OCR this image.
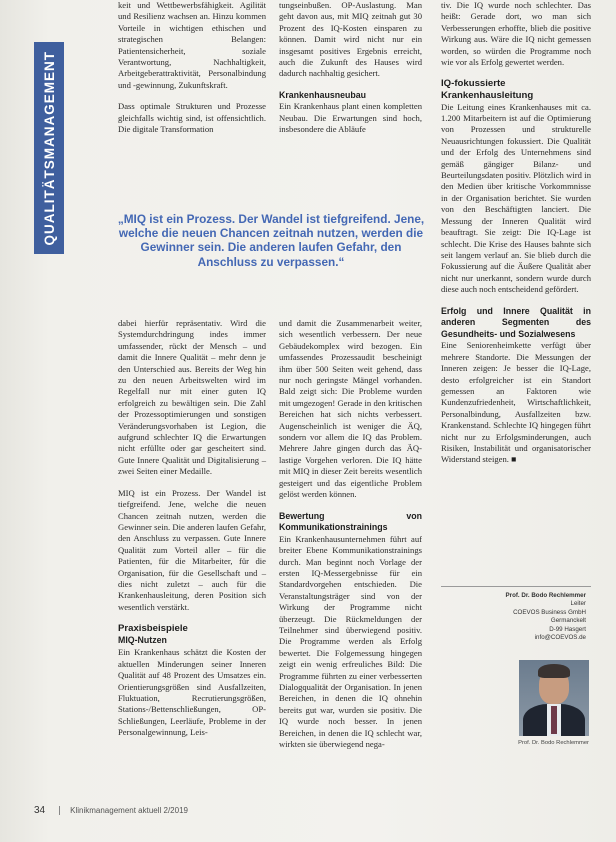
QUALITÄTSMANAGEMENT

keit und Wettbewerbsfähigkeit. Agilität und Resilienz wachsen an. Hinzu kommen Vorteile in wichtigen ethischen und strategischen Belangen: Patientensicherheit, soziale Verantwortung, Nachhaltigkeit, Arbeitgeberattraktivität, Personalbindung und -gewinnung, Zukunftskraft.

Dass optimale Strukturen und Prozesse gleichfalls wichtig sind, ist offensichtlich. Die digitale Transformation

tungseinbußen. OP-Auslastung. Man geht davon aus, mit MIQ zeitnah gut 30 Prozent des IQ-Kosten einsparen zu können. Damit wird nicht nur ein insgesamt positives Ergebnis erreicht, auch die Zukunft des Hauses wird dadurch nachhaltig gesichert.

Krankenhausneubau

Ein Krankenhaus plant einen kompletten Neubau. Die Erwartungen sind hoch, insbesondere die Abläufe

„MIQ ist ein Prozess. Der Wandel ist tiefgreifend. Jene, welche die neuen Chancen zeitnah nutzen, werden die Gewinner sein. Die anderen laufen Gefahr, den Anschluss zu verpassen.“

dabei hierfür repräsentativ. Wird die Systemdurchdringung indes immer umfassender, rückt der Mensch – und damit die Innere Qualität – mehr denn je den Unterschied aus. Bereits der Weg hin zu den neuen Arbeitswelten wird im Regelfall nur mit einer guten IQ erfolgreich zu bewältigen sein. Die Zahl der Prozessoptimierungen und sonstigen Veränderungsvorhaben ist Legion, die aufgrund schlechter IQ die Erwartungen nicht erfüllte oder gar gescheitert sind. Gute Innere Qualität und Digitalisierung – zwei Seiten einer Medaille.

MIQ ist ein Prozess. Der Wandel ist tiefgreifend. Jene, welche die neuen Chancen zeitnah nutzen, werden die Gewinner sein. Die anderen laufen Gefahr, den Anschluss zu verpassen. Gute Innere Qualität zum Vorteil aller – für die Patienten, für die Mitarbeiter, für die Organisation, für die Gesellschaft und – dies nicht zuletzt – auch für die Krankenhausleitung, deren Position sich wesentlich verstärkt.

Praxisbeispiele
MIQ-Nutzen

Ein Krankenhaus schätzt die Kosten der aktuellen Minderungen seiner Inneren Qualität auf 48 Prozent des Umsatzes ein. Orientierungsgrößen sind Ausfallzeiten, Fluktuation, Recrutierungsgrößen, Stations-/Bettenschließungen, OP-Schließungen, Leerläufe, Probleme in der Personalgewinnung, Leis-

und damit die Zusammenarbeit weiter, sich wesentlich verbessern. Der neue Gebäudekomplex wird bezogen. Ein umfassendes Prozessaudit bescheinigt ihm über 500 Seiten weit gehend, dass nur noch geringste Mängel vorhanden. Bald zeigt sich: Die Probleme wurden mit umgezogen! Gerade in den kritischen Bereichen hat sich nichts verbessert. Augenscheinlich ist weniger die ÄQ, sondern vor allem die IQ das Problem. Mehrere Jahre gingen durch das ÄQ-lastige Vorgehen verloren. Die IQ hätte mit MIQ in dieser Zeit bereits wesentlich gesteigert und das eigentliche Problem gelöst werden können.

Bewertung von Kommunikationstrainings

Ein Krankenhausunternehmen führt auf breiter Ebene Kommunikationstrainings durch. Man beginnt noch Vorlage der ersten IQ-Messergebnisse für ein Standardvorgehen entschieden. Die Veranstaltungsträger sind von der Wirkung der Programme nicht überzeugt. Die Rückmeldungen der Teilnehmer sind überwiegend positiv. Die Programme werden als Erfolg bewertet. Die Folgemessung hingegen zeigt ein wenig erfreuliches Bild: Die Programme führten zu einer verbesserten Dialogqualität der Organisation. In jenen Bereichen, in denen die IQ ohnehin bereits gut war, wurden sie positiv. Die IQ wurde noch besser. In jenen Bereichen, in denen die IQ schlecht war, wirkten sie überwiegend nega-

tiv. Die IQ wurde noch schlechter. Das heißt: Gerade dort, wo man sich Verbesserungen erhoffte, blieb die positive Wirkung aus. Wäre die IQ nicht gemessen worden, so würden die Programme noch wie vor als Erfolg gewertet werden.

IQ-fokussierte Krankenhausleitung

Die Leitung eines Krankenhauses mit ca. 1.200 Mitarbeitern ist auf die Optimierung von Prozessen und strukturelle Neuausrichtungen fokussiert. Die Qualität und der Erfolg des Unternehmens sind gemäß gängiger Bilanz- und Beurteilungsdaten positiv. Plötzlich wird in den Medien über kritische Vorkommnisse in der Organisation berichtet. Sie wurden von den Beschäftigten lanciert. Die Messung der Inneren Qualität wird beauftragt. Sie zeigt: Die IQ-Lage ist schlecht. Die Krise des Hauses bahnte sich seit langem verlauf an. Sie blieb durch die Fokussierung auf die Äußere Qualität aber nicht nur unerkannt, sondern wurde durch diese auch noch entscheidend gefördert.

Erfolg und Innere Qualität in anderen Segmenten des Gesundheits- und Sozialwesens

Eine Seniorenheimkette verfügt über mehrere Standorte. Die Messungen der Inneren zeigen: Je besser die IQ-Lage, desto erfolgreicher ist ein Standort gemessen an Faktoren wie Kundenzufriedenheit, Wirtschaftlichkeit, Personalbindung, Ausfallzeiten bzw. Krankenstand. Schlechte IQ hingegen führt nicht nur zu Erfolgsminderungen, auch Risiken, Instabilität und organisatorischer Widerstand steigen. ■

Prof. Dr. Bodo Rechlemmer
Leiter
COEVOS Business GmbH
Germanckelt
D-99 Hasgert
info@COEVOS.de
Prof. Dr. Bodo Rechlemmer
34	Klinikmanagement aktuell 2/2019
